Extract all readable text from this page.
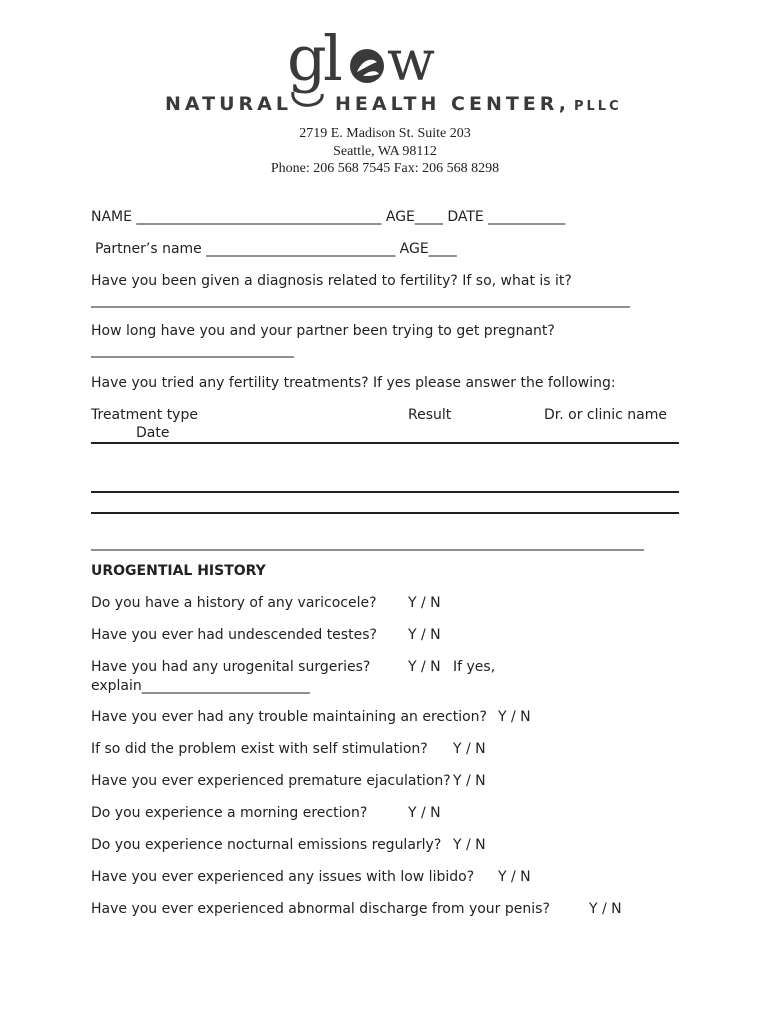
g
l w
NATURAL HEALTH CENTER, PLLC
2719 E. Madison St. Suite 203
Seattle, WA 98112
Phone: 206 568 7545 Fax: 206 568 8298
NAME ___________________________________ AGE____ DATE ___________
Partner’s name ___________________________ AGE____
Have you been given a diagnosis related to fertility? If so, what is it?
_____________________________________________________________________________
How long have you and your partner been trying to get pregnant?
_____________________________
Have you tried any fertility treatments? If yes please answer the following:
Treatment type	Result	Dr. or clinic name
Date
_______________________________________________________________________________
UROGENTIAL HISTORY
Do you have a history of any varicocele? Y / N
Have you ever had undescended testes? Y / N
Have you had any urogenital surgeries?	Y / N If yes,
explain________________________
Have you ever had any trouble maintaining an erection? Y / N
If so did the problem exist with self stimulation? Y / N
Have you ever experienced premature ejaculation? Y / N
Do you experience a morning erection?	Y / N
Do you experience nocturnal emissions regularly? Y / N
Have you ever experienced any issues with low libido? Y / N
Have you ever experienced abnormal discharge from your penis?	Y / N
